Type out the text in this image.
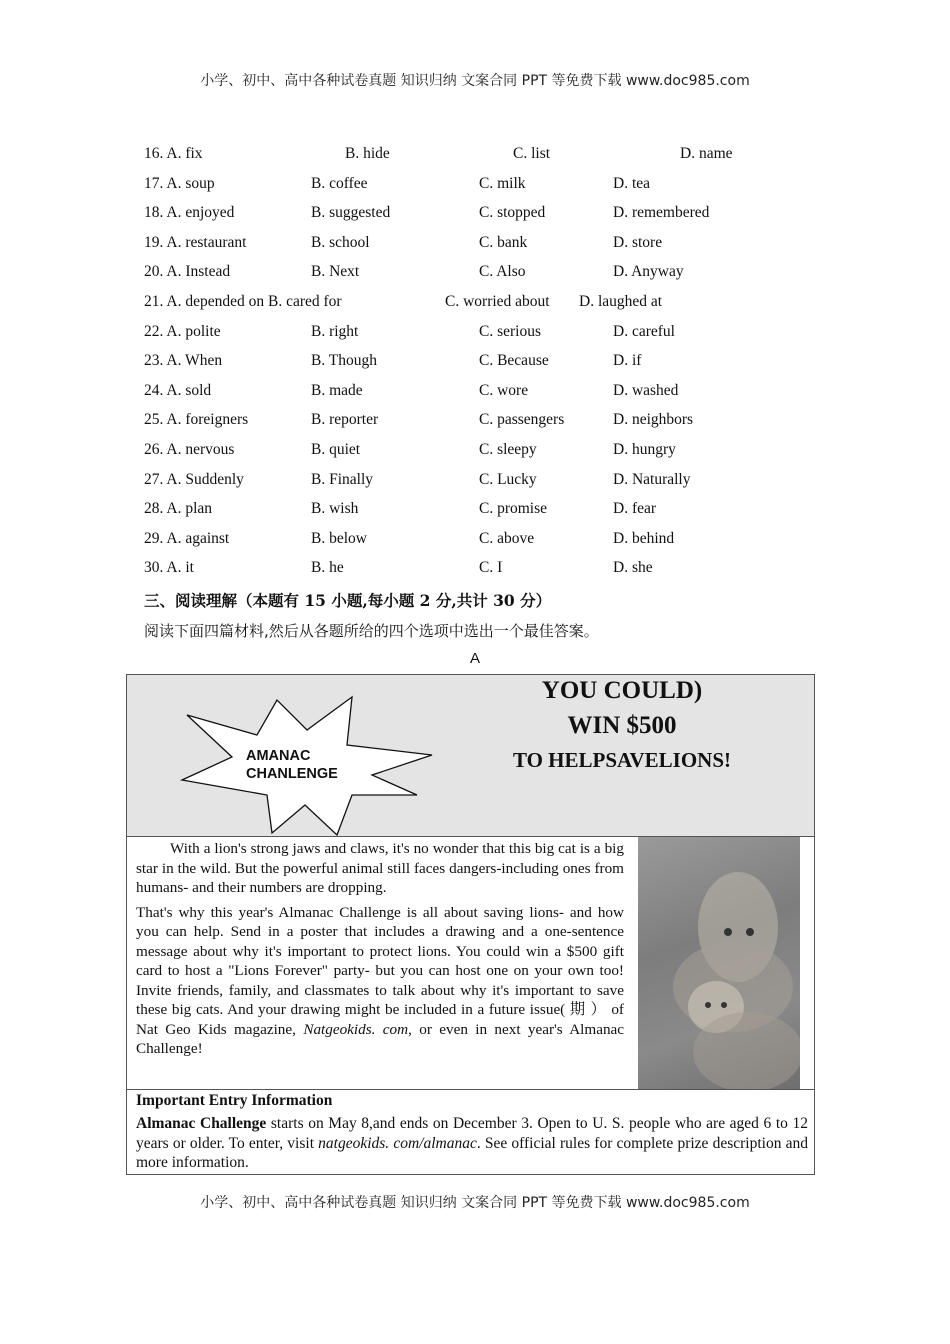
小学、初中、高中各种试卷真题 知识归纳 文案合同 PPT 等免费下载 www.doc985.com
16. A. fix	B. hide	C. list	D. name
17. A. soup	B. coffee	C. milk	D. tea
18. A. enjoyed	B. suggested	C. stopped	D. remembered
19. A. restaurant	B. school	C. bank	D. store
20. A. Instead	B. Next	C. Also	D. Anyway
21. A. depended on B. cared for	C. worried about D. laughed at
22. A. polite	B. right	C. serious	D. careful
23. A. When	B. Though	C. Because	D. if
24. A. sold	B. made	C. wore	D. washed
25. A. foreigners	B. reporter	C. passengers	D. neighbors
26. A. nervous	B. quiet	C. sleepy	D. hungry
27. A. Suddenly	B. Finally	C. Lucky	D. Naturally
28. A. plan	B. wish	C. promise	D. fear
29. A. against	B. below	C. above	D. behind
30. A. it	B. he	C. I	D. she
三、阅读理解（本题有 15 小题,每小题 2 分,共计 30 分）
阅读下面四篇材料,然后从各题所给的四个选项中选出一个最佳答案。
A
AMANAC
CHANLENGE
YOU COULD)
WIN $500
TO HELPSAVELIONS!

With a lion's strong jaws and claws, it's no wonder that this big cat is a big star in the wild. But the powerful animal still faces dangers-including ones from humans- and their numbers are dropping.

That's why this year's Almanac Challenge is all about saving lions- and how you can help. Send in a poster that includes a drawing and a one-sentence message about why it's important to protect lions. You could win a $500 gift card to host a "Lions Forever" party- but you can host one on your own too! Invite friends, family, and classmates to talk about why it's important to save these big cats. And your drawing might be included in a future issue( 期 ） of Nat Geo Kids magazine, Natgeokids. com, or even in next year's Almanac Challenge!

Important Entry Information
Almanac Challenge starts on May 8,and ends on December 3. Open to U. S. people who are aged 6 to 12 years or older. To enter, visit natgeokids. com/almanac. See official rules for complete prize description and more information.
小学、初中、高中各种试卷真题 知识归纳 文案合同 PPT 等免费下载 www.doc985.com
